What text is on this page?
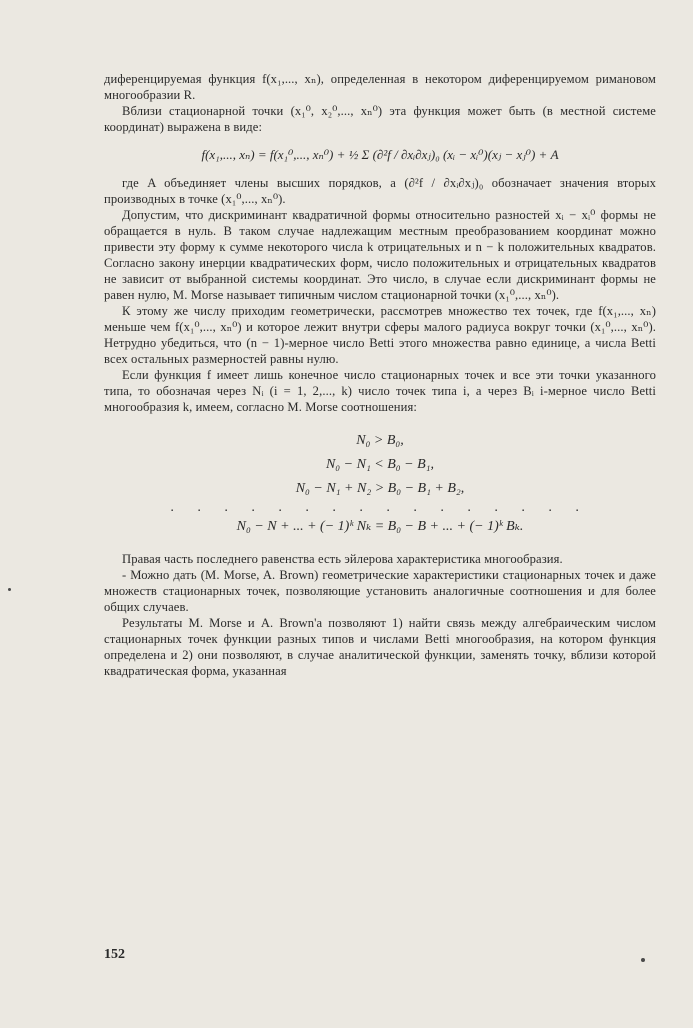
диференцируемая функция f(x₁,..., xₙ), определенная в некотором диференцируемом римановом многообразии R.

Вблизи стационарной точки (x₁⁰, x₂⁰,..., xₙ⁰) эта функция может быть (в местной системе координат) выражена в виде:

f(x₁,..., xₙ) = f(x₁⁰,..., xₙ⁰) + ½ Σ (∂²f / ∂xᵢ∂xⱼ)₀ (xᵢ − xᵢ⁰)(xⱼ − xⱼ⁰) + A

где A объединяет члены высших порядков, а (∂²f / ∂xᵢ∂xⱼ)₀ обозначает значения вторых производных в точке (x₁⁰,..., xₙ⁰).

Допустим, что дискриминант квадратичной формы относительно разностей xᵢ − xᵢ⁰ формы не обращается в нуль. В таком случае надлежащим местным преобразованием координат можно привести эту форму к сумме некоторого числа k отрицательных и n − k положительных квадратов. Согласно закону инерции квадратических форм, число положительных и отрицательных квадратов не зависит от выбранной системы координат. Это число, в случае если дискриминант формы не равен нулю, M. Morse называет типичным числом стационарной точки (x₁⁰,..., xₙ⁰).

К этому же числу приходим геометрически, рассмотрев множество тех точек, где f(x₁,..., xₙ) меньше чем f(x₁⁰,..., xₙ⁰) и которое лежит внутри сферы малого радиуса вокруг точки (x₁⁰,..., xₙ⁰). Нетрудно убедиться, что (n − 1)-мерное число Betti этого множества равно единице, а числа Betti всех остальных размерностей равны нулю.

Если функция f имеет лишь конечное число стационарных точек и все эти точки указанного типа, то обозначая через Nᵢ (i = 1, 2,..., k) число точек типа i, а через Bᵢ i-мерное число Betti многообразия k, имеем, согласно M. Morse соотношения:

N₀ > B₀,
N₀ − N₁ < B₀ − B₁,
N₀ − N₁ + N₂ > B₀ − B₁ + B₂,
. . . . . . . . . . . . . . . .
N₀ − N + ... + (− 1)ᵏ Nₖ = B₀ − B + ... + (− 1)ᵏ Bₖ.

Правая часть последнего равенства есть эйлерова характеристика многообразия.

- Можно дать (M. Morse, A. Brown) геометрические характеристики стационарных точек и даже множеств стационарных точек, позволяющие установить аналогичные соотношения и для более общих случаев.

Результаты M. Morse и A. Brown'а позволяют 1) найти связь между алгебраическим числом стационарных точек функции разных типов и числами Betti многообразия, на котором функция определена и 2) они позволяют, в случае аналитической функции, заменять точку, вблизи которой квадратическая форма, указанная

152
